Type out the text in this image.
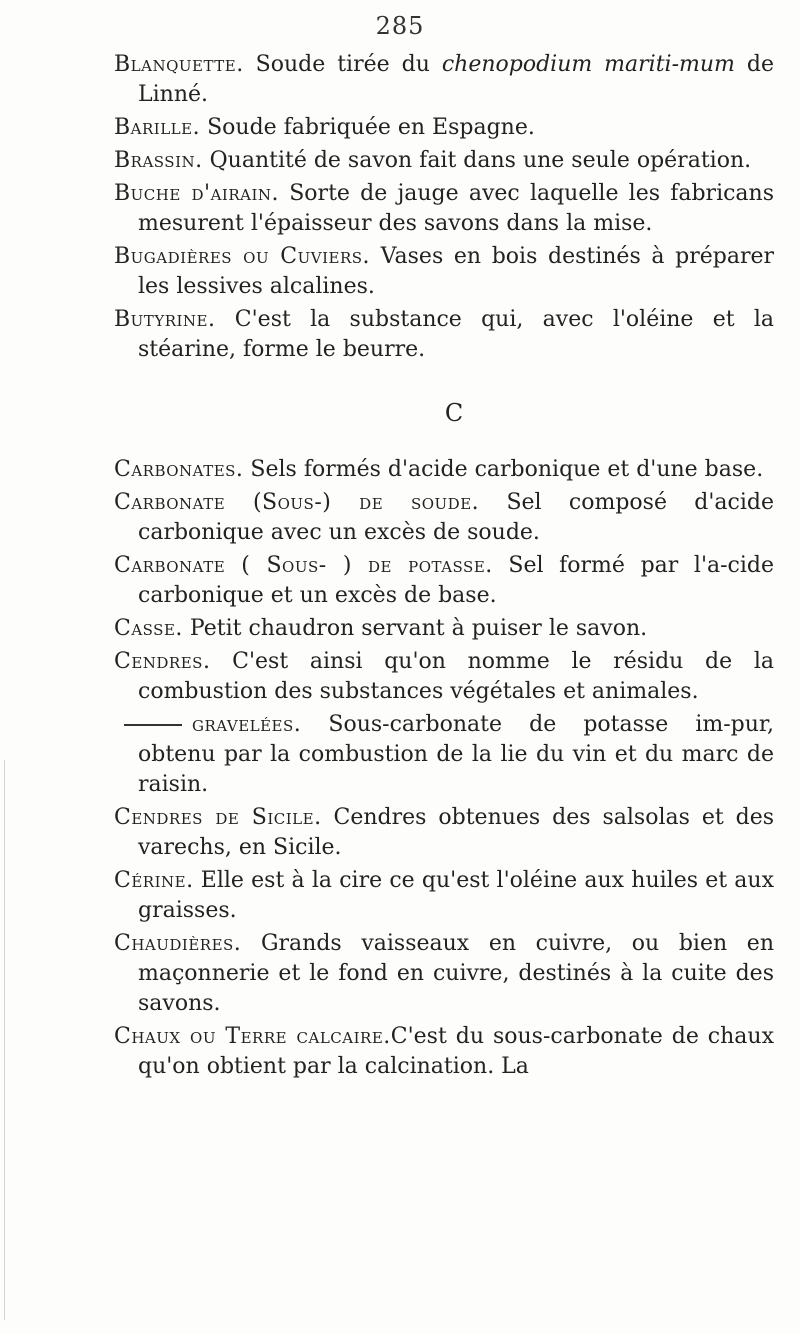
285

Blanquette. Soude tirée du chenopodium mariti-mum de Linné.

Barille. Soude fabriquée en Espagne.

Brassin. Quantité de savon fait dans une seule opération.

Buche d'airain. Sorte de jauge avec laquelle les fabricans mesurent l'épaisseur des savons dans la mise.

Bugadières ou Cuviers. Vases en bois destinés à préparer les lessives alcalines.

Butyrine. C'est la substance qui, avec l'oléine et la stéarine, forme le beurre.

C

Carbonates. Sels formés d'acide carbonique et d'une base.

Carbonate (Sous-) de soude. Sel composé d'acide carbonique avec un excès de soude.

Carbonate ( Sous- ) de potasse. Sel formé par l'a-cide carbonique et un excès de base.

Casse. Petit chaudron servant à puiser le savon.

Cendres. C'est ainsi qu'on nomme le résidu de la combustion des substances végétales et animales.

gravelées. Sous-carbonate de potasse im-pur, obtenu par la combustion de la lie du vin et du marc de raisin.

Cendres de Sicile. Cendres obtenues des salsolas et des varechs, en Sicile.

Cérine. Elle est à la cire ce qu'est l'oléine aux huiles et aux graisses.

Chaudières. Grands vaisseaux en cuivre, ou bien en maçonnerie et le fond en cuivre, destinés à la cuite des savons.

Chaux ou Terre calcaire.C'est du sous-carbonate de chaux qu'on obtient par la calcination. La
